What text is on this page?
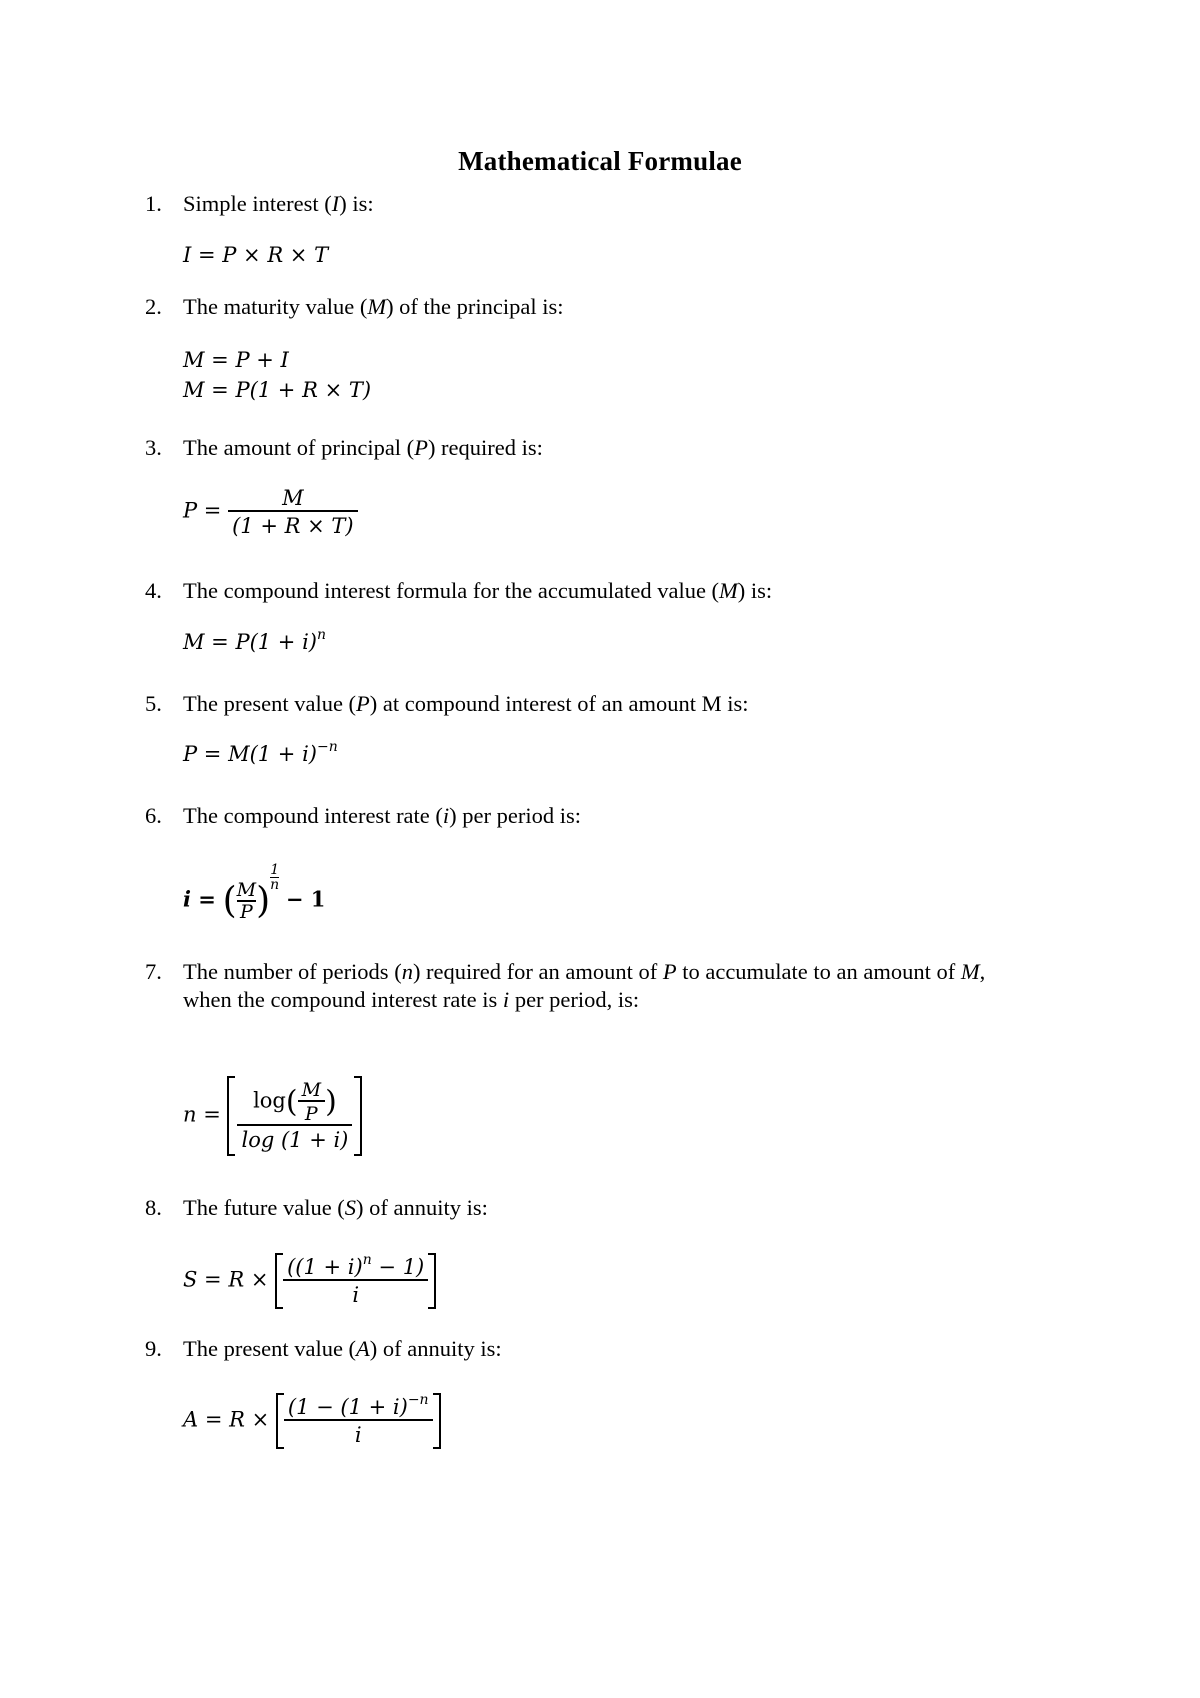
Mathematical Formulae
1. Simple interest (I) is:
I = P × R × T
2. The maturity value (M) of the principal is:
M = P + I
M = P(1 + R × T)
3. The amount of principal (P) required is:
$P = \frac{M}{(1 + R \times T)}$
4. The compound interest formula for the accumulated value (M) is:
$M = P(1 + i)^n$
5. The present value (P) at compound interest of an amount M is:
$P = M(1 + i)^{-n}$
6. The compound interest rate (i) per period is:
i = ( $\frac{M}{P}$ )
$\frac{1}{n}$
− 1
7. The number of periods (n) required for an amount of P to accumulate to an amount of M,
when the compound interest rate is i per period, is:
$n = \frac{\log( \frac{M}{P} )}{\log (1 + i)}$
8. The future value (S) of annuity is:
$S = R \times \frac{((1 + i)^n - 1)}{i}$
9. The present value (A) of annuity is:
$A = R \times \frac{(1 - (1 + i)^{-n}}{i}$
